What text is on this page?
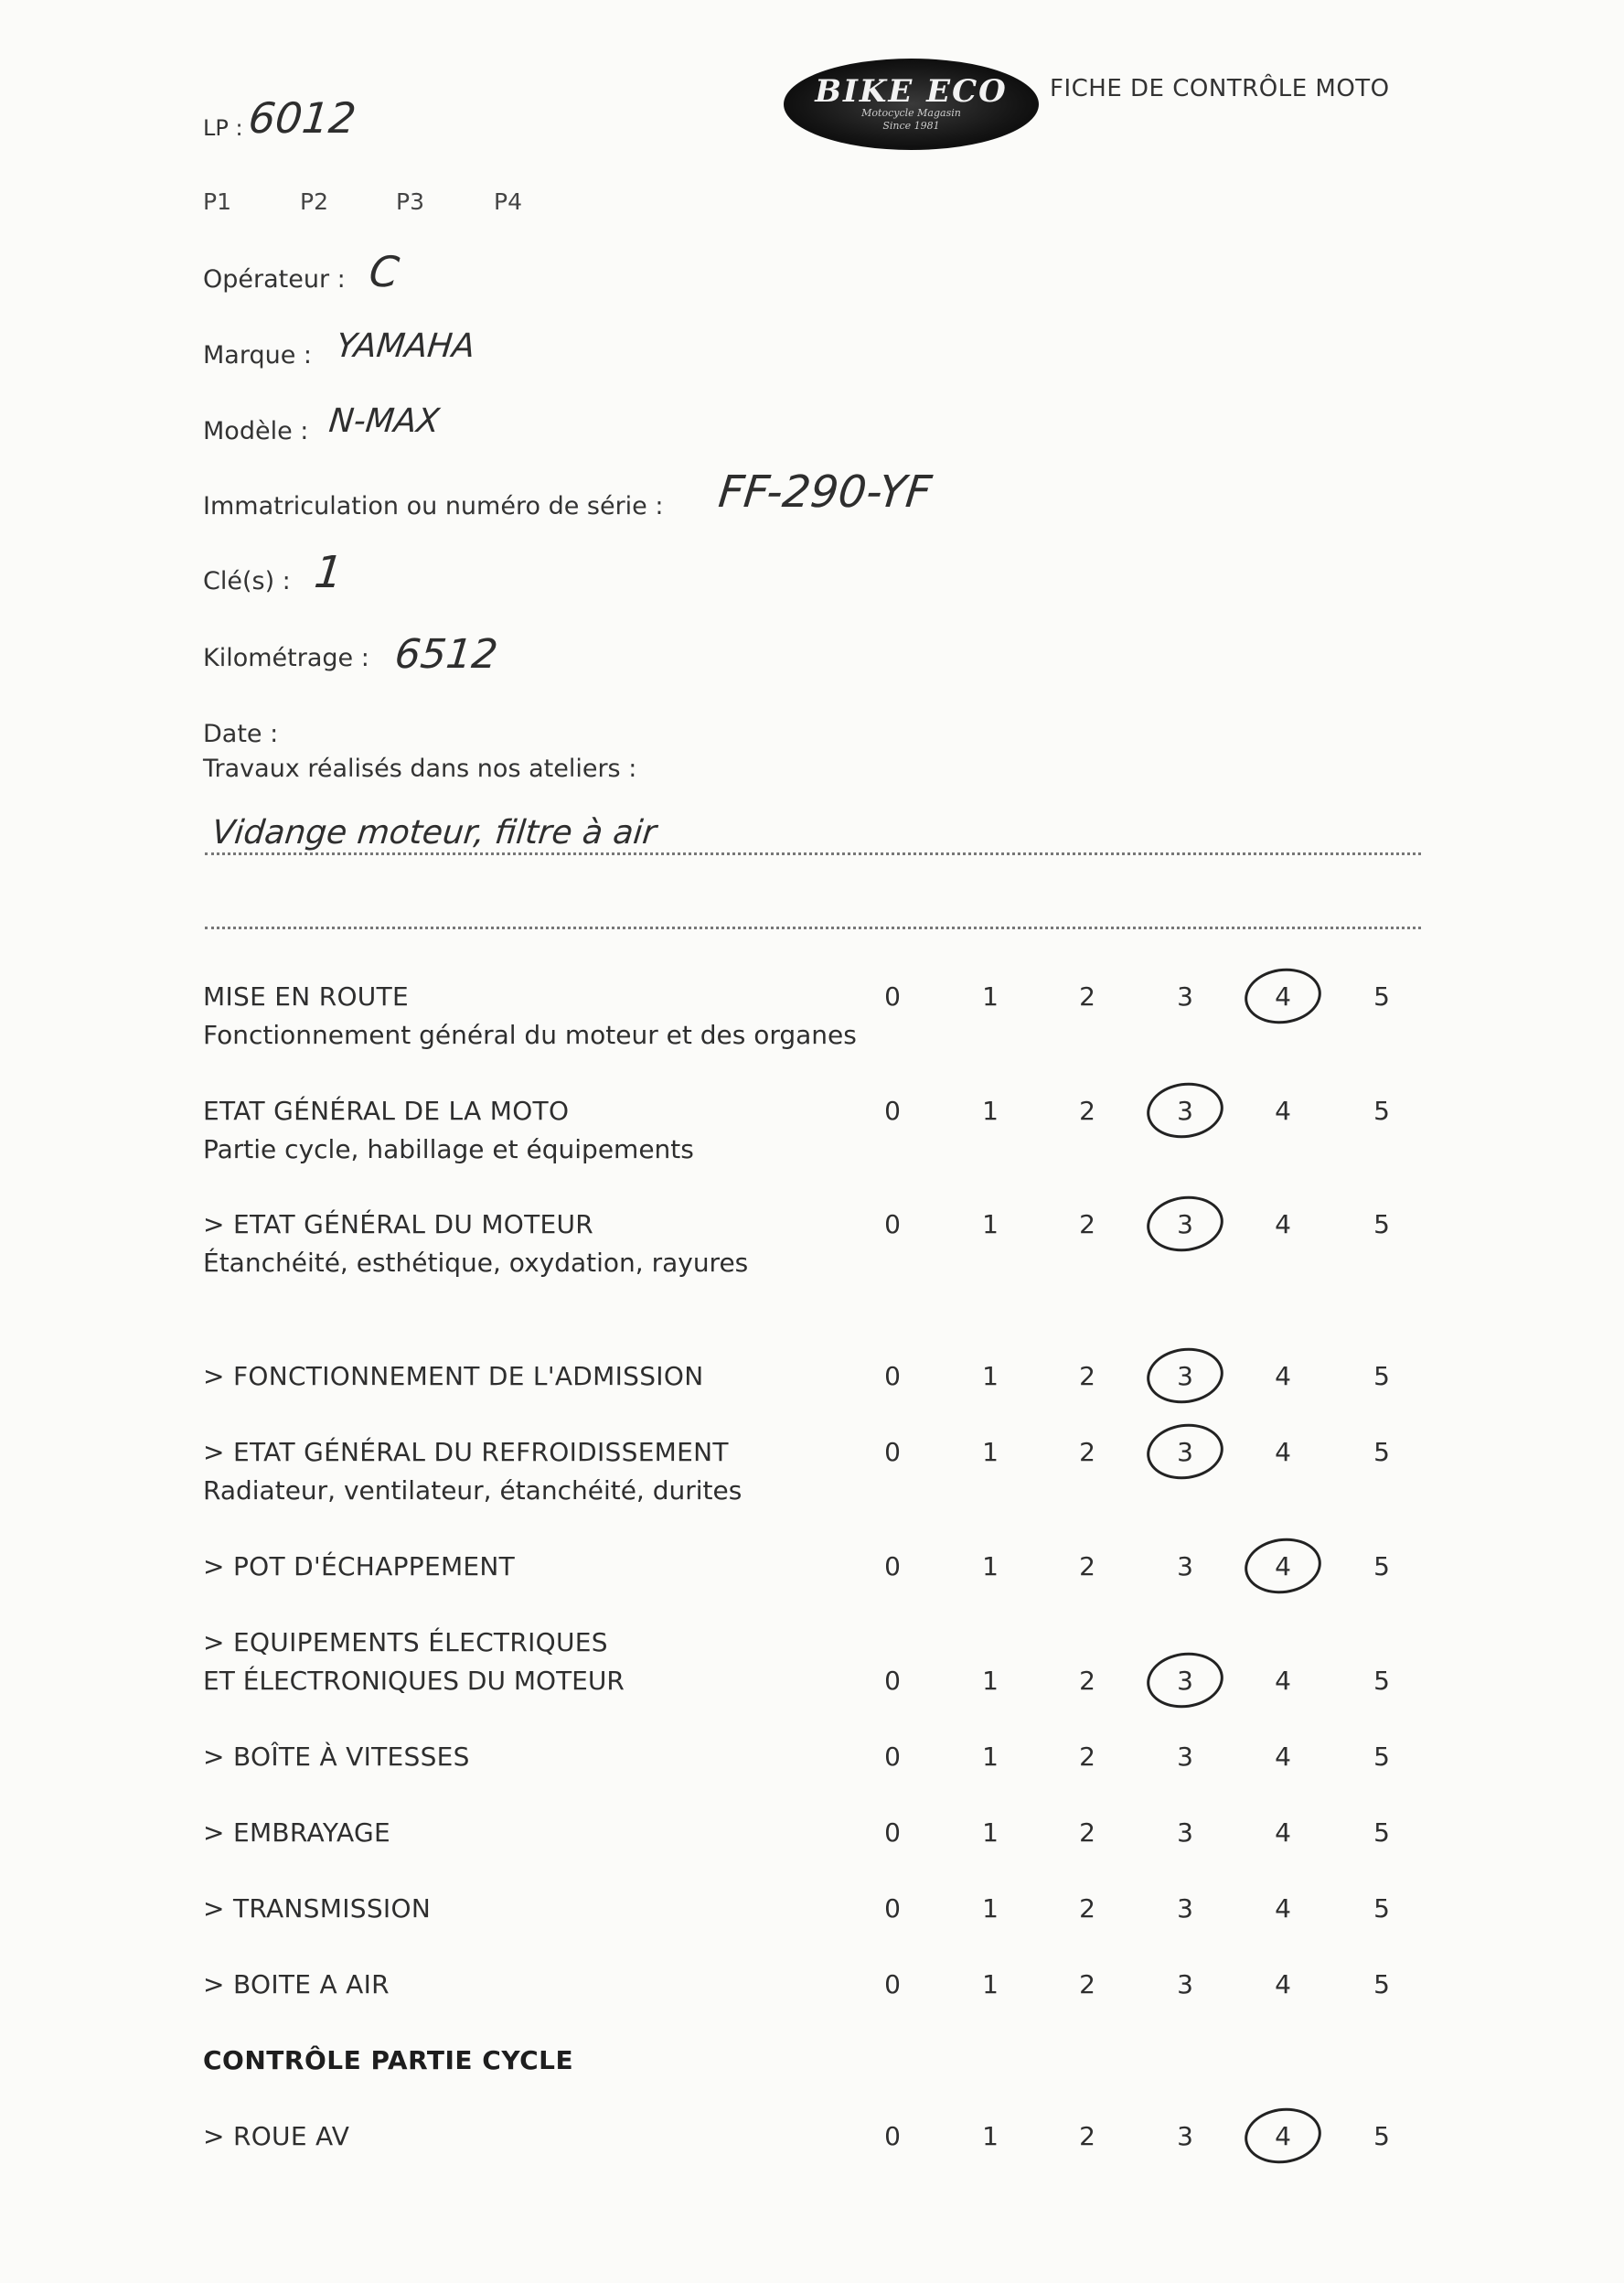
BIKE ECO
Motocycle Magasin
Since 1981
FICHE DE CONTRÔLE MOTO
LP : 6012
P1	P2	P3	P4
Opérateur : C
Marque : YAMAHA
Modèle : N-MAX
Immatriculation ou numéro de série : FF-290-YF
Clé(s) : 1
Kilométrage : 6512
Date :
Travaux réalisés dans nos ateliers :
Vidange moteur, filtre à air
MISE EN ROUTE
Fonctionnement général du moteur et des organes
0	1	2	3	4	5
ETAT GÉNÉRAL DE LA MOTO
Partie cycle, habillage et équipements
0	1	2	3	4	5
> ETAT GÉNÉRAL DU MOTEUR
Étanchéité, esthétique, oxydation, rayures
0	1	2	3	4	5
> FONCTIONNEMENT DE L'ADMISSION	0	1	2	3	4	5
> ETAT GÉNÉRAL DU REFROIDISSEMENT
Radiateur, ventilateur, étanchéité, durites
0	1	2	3	4	5
> POT D'ÉCHAPPEMENT	0	1	2	3	4	5
> EQUIPEMENTS ÉLECTRIQUES
ET ÉLECTRONIQUES DU MOTEUR	0	1	2	3	4	5
> BOÎTE À VITESSES	0	1	2	3	4	5
> EMBRAYAGE	0	1	2	3	4	5
> TRANSMISSION	0	1	2	3	4	5
> BOITE A AIR	0	1	2	3	4	5
CONTRÔLE PARTIE CYCLE
> ROUE AV	0	1	2	3	4	5
